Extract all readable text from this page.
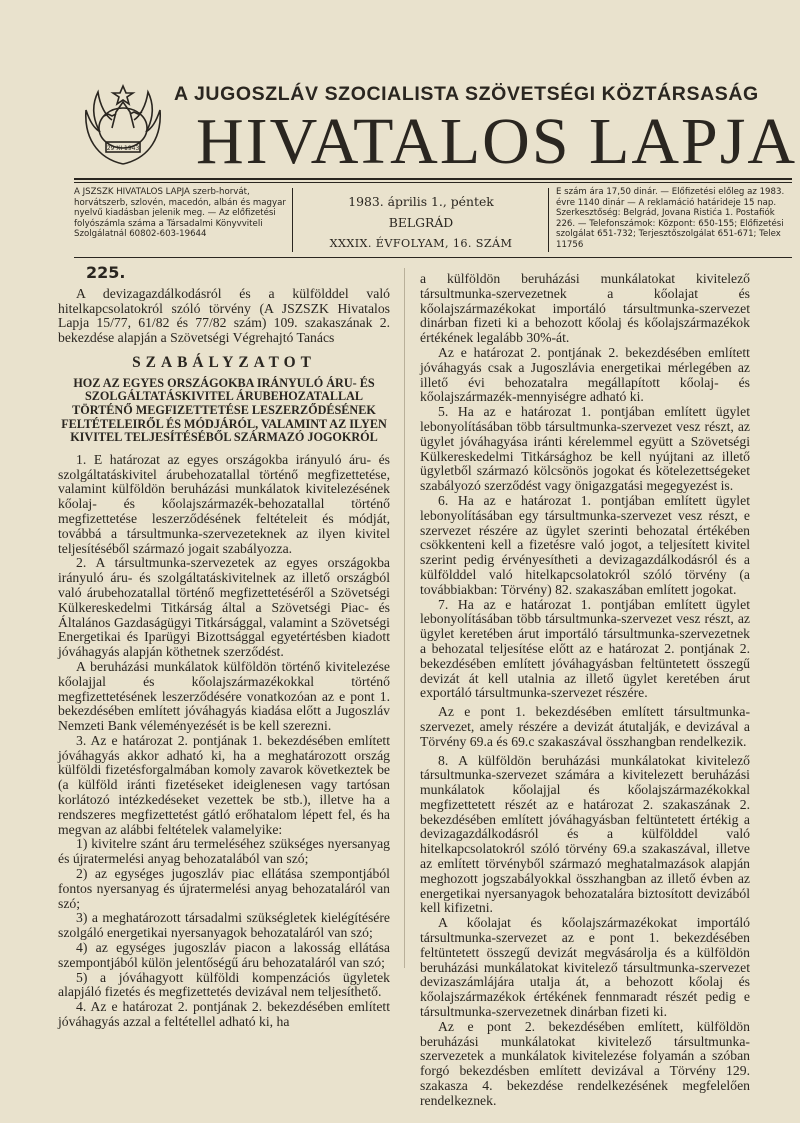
29 XI 1943
A JUGOSZLÁV SZOCIALISTA SZÖVETSÉGI KÖZTÁRSASÁG
HIVATALOS LAPJA
A JSZSZK HIVATALOS LAPJA szerb-horvát, horvátszerb, szlovén, macedón, albán és magyar nyelvű kiadásban jelenik meg. — Az előfizetési folyószámla száma a Társadalmi Könyvviteli Szolgálatnál 60802-603-19644
1983. április 1., péntek
BELGRÁD
XXXIX. ÉVFOLYAM, 16. SZÁM
E szám ára 17,50 dinár. — Előfizetési előleg az 1983. évre 1140 dinár — A reklamáció határideje 15 nap. Szerkesztőség: Belgrád, Jovana Ristića 1. Postafiók 226. — Telefonszámok: Központ: 650-155; Előfizetési szolgálat 651-732; Terjesztőszolgálat 651-671; Telex 11756
225.

A devizagazdálkodásról és a külfölddel való hitelkapcsolatokról szóló törvény (A JSZSZK Hivatalos Lapja 15/77, 61/82 és 77/82 szám) 109. szakaszának 2. bekezdése alapján a Szövetségi Végrehajtó Tanács

SZABÁLYZATOT
HOZ AZ EGYES ORSZÁGOKBA IRÁNYULÓ ÁRU- ÉS SZOLGÁLTATÁSKIVITEL ÁRUBEHOZATALLAL TÖRTÉNŐ MEGFIZETTETÉSE LESZERZŐDÉSÉNEK FELTÉTELEIRŐL ÉS MÓDJÁRÓL, VALAMINT AZ ILYEN KIVITEL TELJESÍTÉSÉBŐL SZÁRMAZÓ JOGOKRÓL

1. E határozat az egyes országokba irányuló áru- és szolgáltatáskivitel árubehozatallal történő megfizettetése, valamint külföldön beruházási munkálatok kivitelezésének kőolaj- és kőolajszármazék-behozatallal történő megfizettetése leszerződésének feltételeit és módját, továbbá a társultmunka-szervezeteknek az ilyen kivitel teljesítéséből származó jogait szabályozza.

2. A társultmunka-szervezetek az egyes országokba irányuló áru- és szolgáltatáskivitelnek az illető országból való árubehozatallal történő megfizettetéséről a Szövetségi Külkereskedelmi Titkárság által a Szövetségi Piac- és Általános Gazdaságügyi Titkársággal, valamint a Szövetségi Energetikai és Iparügyi Bizottsággal egyetértésben kiadott jóváhagyás alapján köthetnek szerződést.

A beruházási munkálatok külföldön történő kivitelezése kőolajjal és kőolajszármazékokkal történő megfizettetésének leszerződésére vonatkozóan az e pont 1. bekezdésében említett jóváhagyás kiadása előtt a Jugoszláv Nemzeti Bank véleményezését is be kell szerezni.

3. Az e határozat 2. pontjának 1. bekezdésében említett jóváhagyás akkor adható ki, ha a meghatározott ország külföldi fizetésforgalmában komoly zavarok következtek be (a külföld iránti fizetéseket ideiglenesen vagy tartósan korlátozó intézkedéseket vezettek be stb.), illetve ha a rendszeres megfizettetést gátló erőhatalom lépett fel, és ha megvan az alábbi feltételek valamelyike:

1) kivitelre szánt áru termeléséhez szükséges nyersanyag és újratermelési anyag behozatalából van szó;

2) az egységes jugoszláv piac ellátása szempontjából fontos nyersanyag és újratermelési anyag behozataláról van szó;

3) a meghatározott társadalmi szükségletek kielégítésére szolgáló energetikai nyersanyagok behozataláról van szó;

4) az egységes jugoszláv piacon a lakosság ellátása szempontjából külön jelentőségű áru behozataláról van szó;

5) a jóváhagyott külföldi kompenzációs ügyletek alapjáló fizetés és megfizettetés devizával nem teljesíthető.

4. Az e határozat 2. pontjának 2. bekezdésében említett jóváhagyás azzal a feltétellel adható ki, ha

a külföldön beruházási munkálatokat kivitelező társultmunka-szervezetnek a kőolajat és kőolajszármazékokat importáló társultmunka-szervezet dinárban fizeti ki a behozott kőolaj és kőolajszármazékok értékének legalább 30%-át.

Az e határozat 2. pontjának 2. bekezdésében említett jóváhagyás csak a Jugoszlávia energetikai mérlegében az illető évi behozatalra megállapított kőolaj- és kőolajszármazék-mennyiségre adható ki.

5. Ha az e határozat 1. pontjában említett ügylet lebonyolításában több társultmunka-szervezet vesz részt, az ügylet jóváhagyása iránti kérelemmel együtt a Szövetségi Külkereskedelmi Titkársághoz be kell nyújtani az illető ügyletből származó kölcsönös jogokat és kötelezettségeket szabályozó szerződést vagy önigazgatási megegyezést is.

6. Ha az e határozat 1. pontjában említett ügylet lebonyolításában egy társultmunka-szervezet vesz részt, e szervezet részére az ügylet szerinti behozatal értékében csökkenteni kell a fizetésre való jogot, a teljesített kivitel szerint pedig érvényesítheti a devizagazdálkodásról és a külfölddel való hitelkapcsolatokról szóló törvény (a továbbiakban: Törvény) 82. szakaszában említett jogokat.

7. Ha az e határozat 1. pontjában említett ügylet lebonyolításában több társultmunka-szervezet vesz részt, az ügylet keretében árut importáló társultmunka-szervezetnek a behozatal teljesítése előtt az e határozat 2. pontjának 2. bekezdésében említett jóváhagyásban feltüntetett összegű devizát át kell utalnia az illető ügylet keretében árut exportáló társultmunka-szervezet részére.

Az e pont 1. bekezdésében említett társultmunka-szervezet, amely részére a devizát átutalják, e devizával a Törvény 69.a és 69.c szakaszával összhangban rendelkezik.

8. A külföldön beruházási munkálatokat kivitelező társultmunka-szervezet számára a kivitelezett beruházási munkálatok kőolajjal és kőolajszármazékokkal megfizettetett részét az e határozat 2. szakaszának 2. bekezdésében említett jóváhagyásban feltüntetett értékig a devizagazdálkodásról és a külfölddel való hitelkapcsolatokról szóló törvény 69.a szakaszával, illetve az említett törvényből származó meghatalmazások alapján meghozott jogszabályokkal összhangban az illető évben az energetikai nyersanyagok behozatalára biztosított devizából kell kifizetni.

A kőolajat és kőolajszármazékokat importáló társultmunka-szervezet az e pont 1. bekezdésében feltüntetett összegű devizát megvásárolja és a külföldön beruházási munkálatokat kivitelező társultmunka-szervezet devizaszámlájára utalja át, a behozott kőolaj és kőolajszármazékok értékének fennmaradt részét pedig e társultmunka-szervezetnek dinárban fizeti ki.

Az e pont 2. bekezdésében említett, külföldön beruházási munkálatokat kivitelező társultmunka-szervezetek a munkálatok kivitelezése folyamán a szóban forgó bekezdésben említett devizával a Törvény 129. szakasza 4. bekezdése rendelkezésének megfelelően rendelkeznek.
